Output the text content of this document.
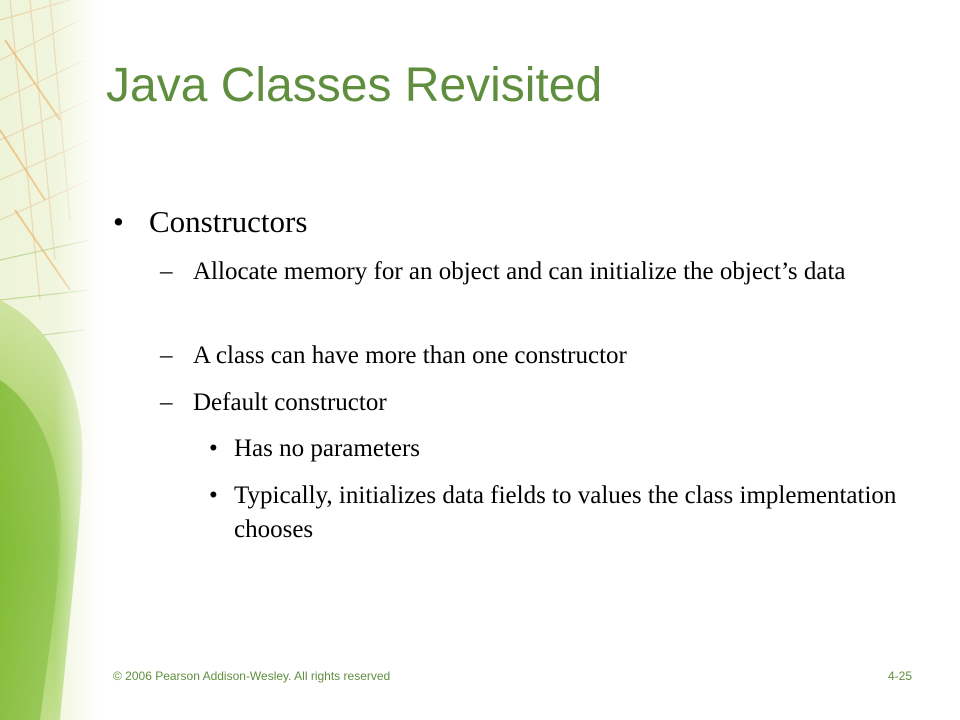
Java Classes Revisited
• Constructors
– Allocate memory for an object and can initialize the object’s data
– A class can have more than one constructor
– Default constructor
• Has no parameters
• Typically, initializes data fields to values the class implementation chooses
© 2006 Pearson Addison-Wesley. All rights reserved	4-25
